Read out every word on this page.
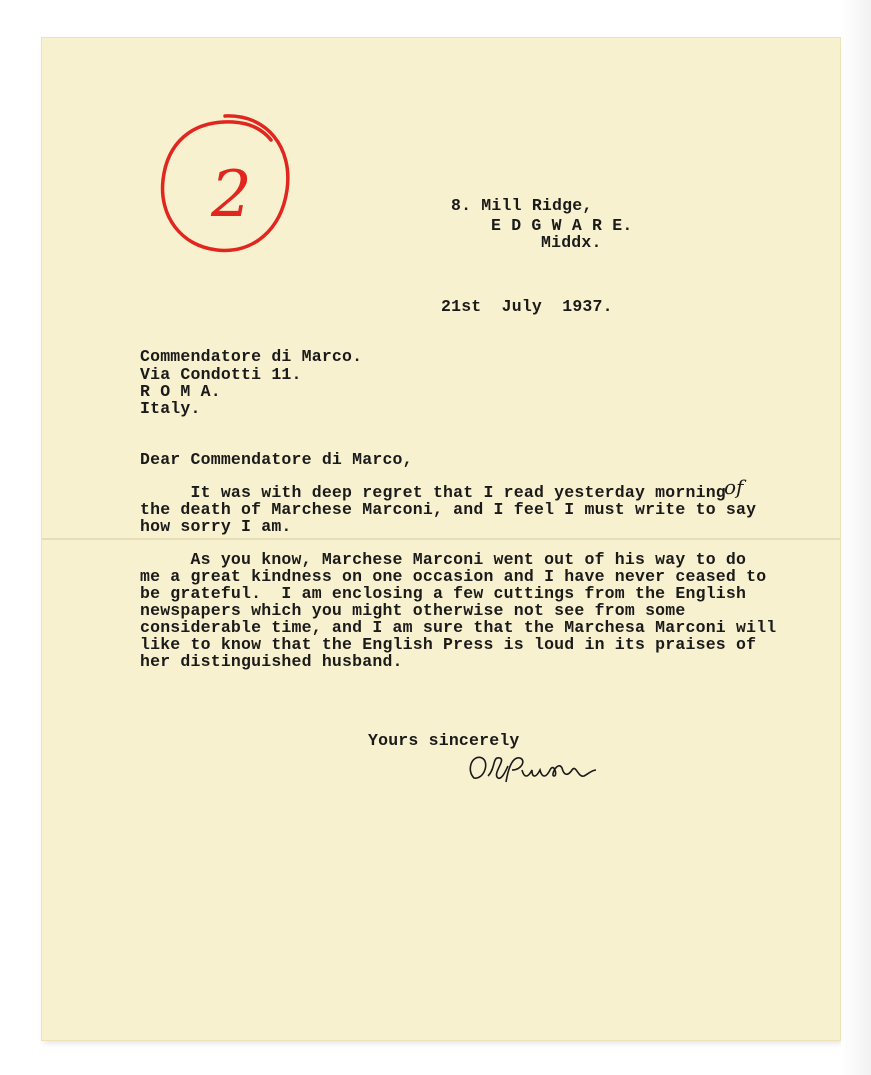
2	8. Mill Ridge,
E D G W A R E.
Middx.
21st  July  1937.
Commendatore di Marco.
Via Condotti 11.
R O M A.
Italy.
Dear Commendatore di Marco,
It was with deep regret that I read yesterday morning
the death of Marchese Marconi, and I feel I must write to say
how sorry I am.
of
As you know, Marchese Marconi went out of his way to do
me a great kindness on one occasion and I have never ceased to
be grateful.  I am enclosing a few cuttings from the English
newspapers which you might otherwise not see from some
considerable time, and I am sure that the Marchesa Marconi will
like to know that the English Press is loud in its praises of
her distinguished husband.
Yours sincerely
